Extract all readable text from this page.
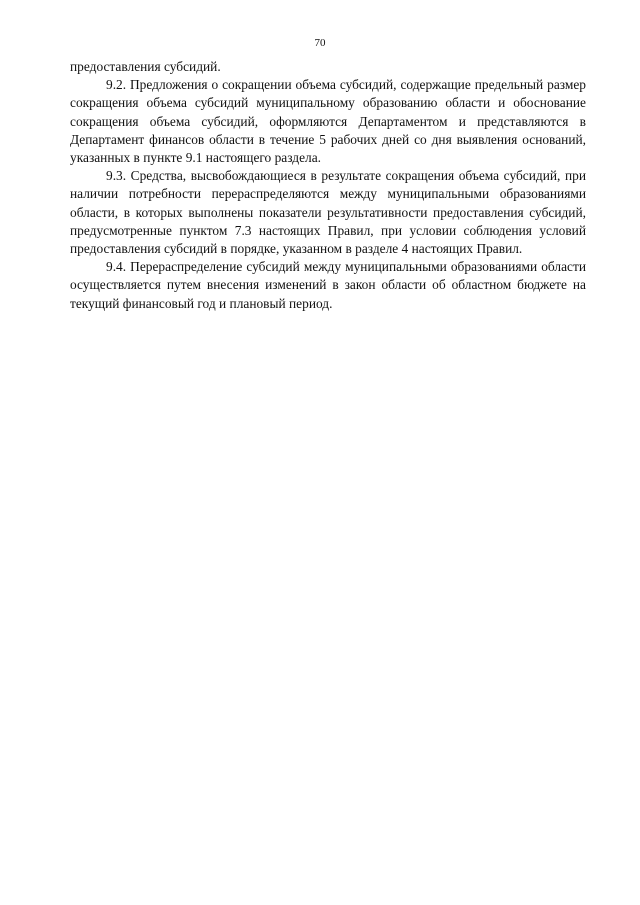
70

предоставления субсидий.

9.2. Предложения о сокращении объема субсидий, содержащие предельный размер сокращения объема субсидий муниципальному образованию области и обоснование сокращения объема субсидий, оформляются Департаментом и представляются в Департамент финансов области в течение 5 рабочих дней со дня выявления оснований, указанных в пункте 9.1 настоящего раздела.

9.3. Средства, высвобождающиеся в результате сокращения объема субсидий, при наличии потребности перераспределяются между муниципальными образованиями области, в которых выполнены показатели результативности предоставления субсидий, предусмотренные пунктом 7.3 настоящих Правил, при условии соблюдения условий предоставления субсидий в порядке, указанном в разделе 4 настоящих Правил.

9.4. Перераспределение субсидий между муниципальными образованиями области осуществляется путем внесения изменений в закон области об областном бюджете на текущий финансовый год и плановый период.
